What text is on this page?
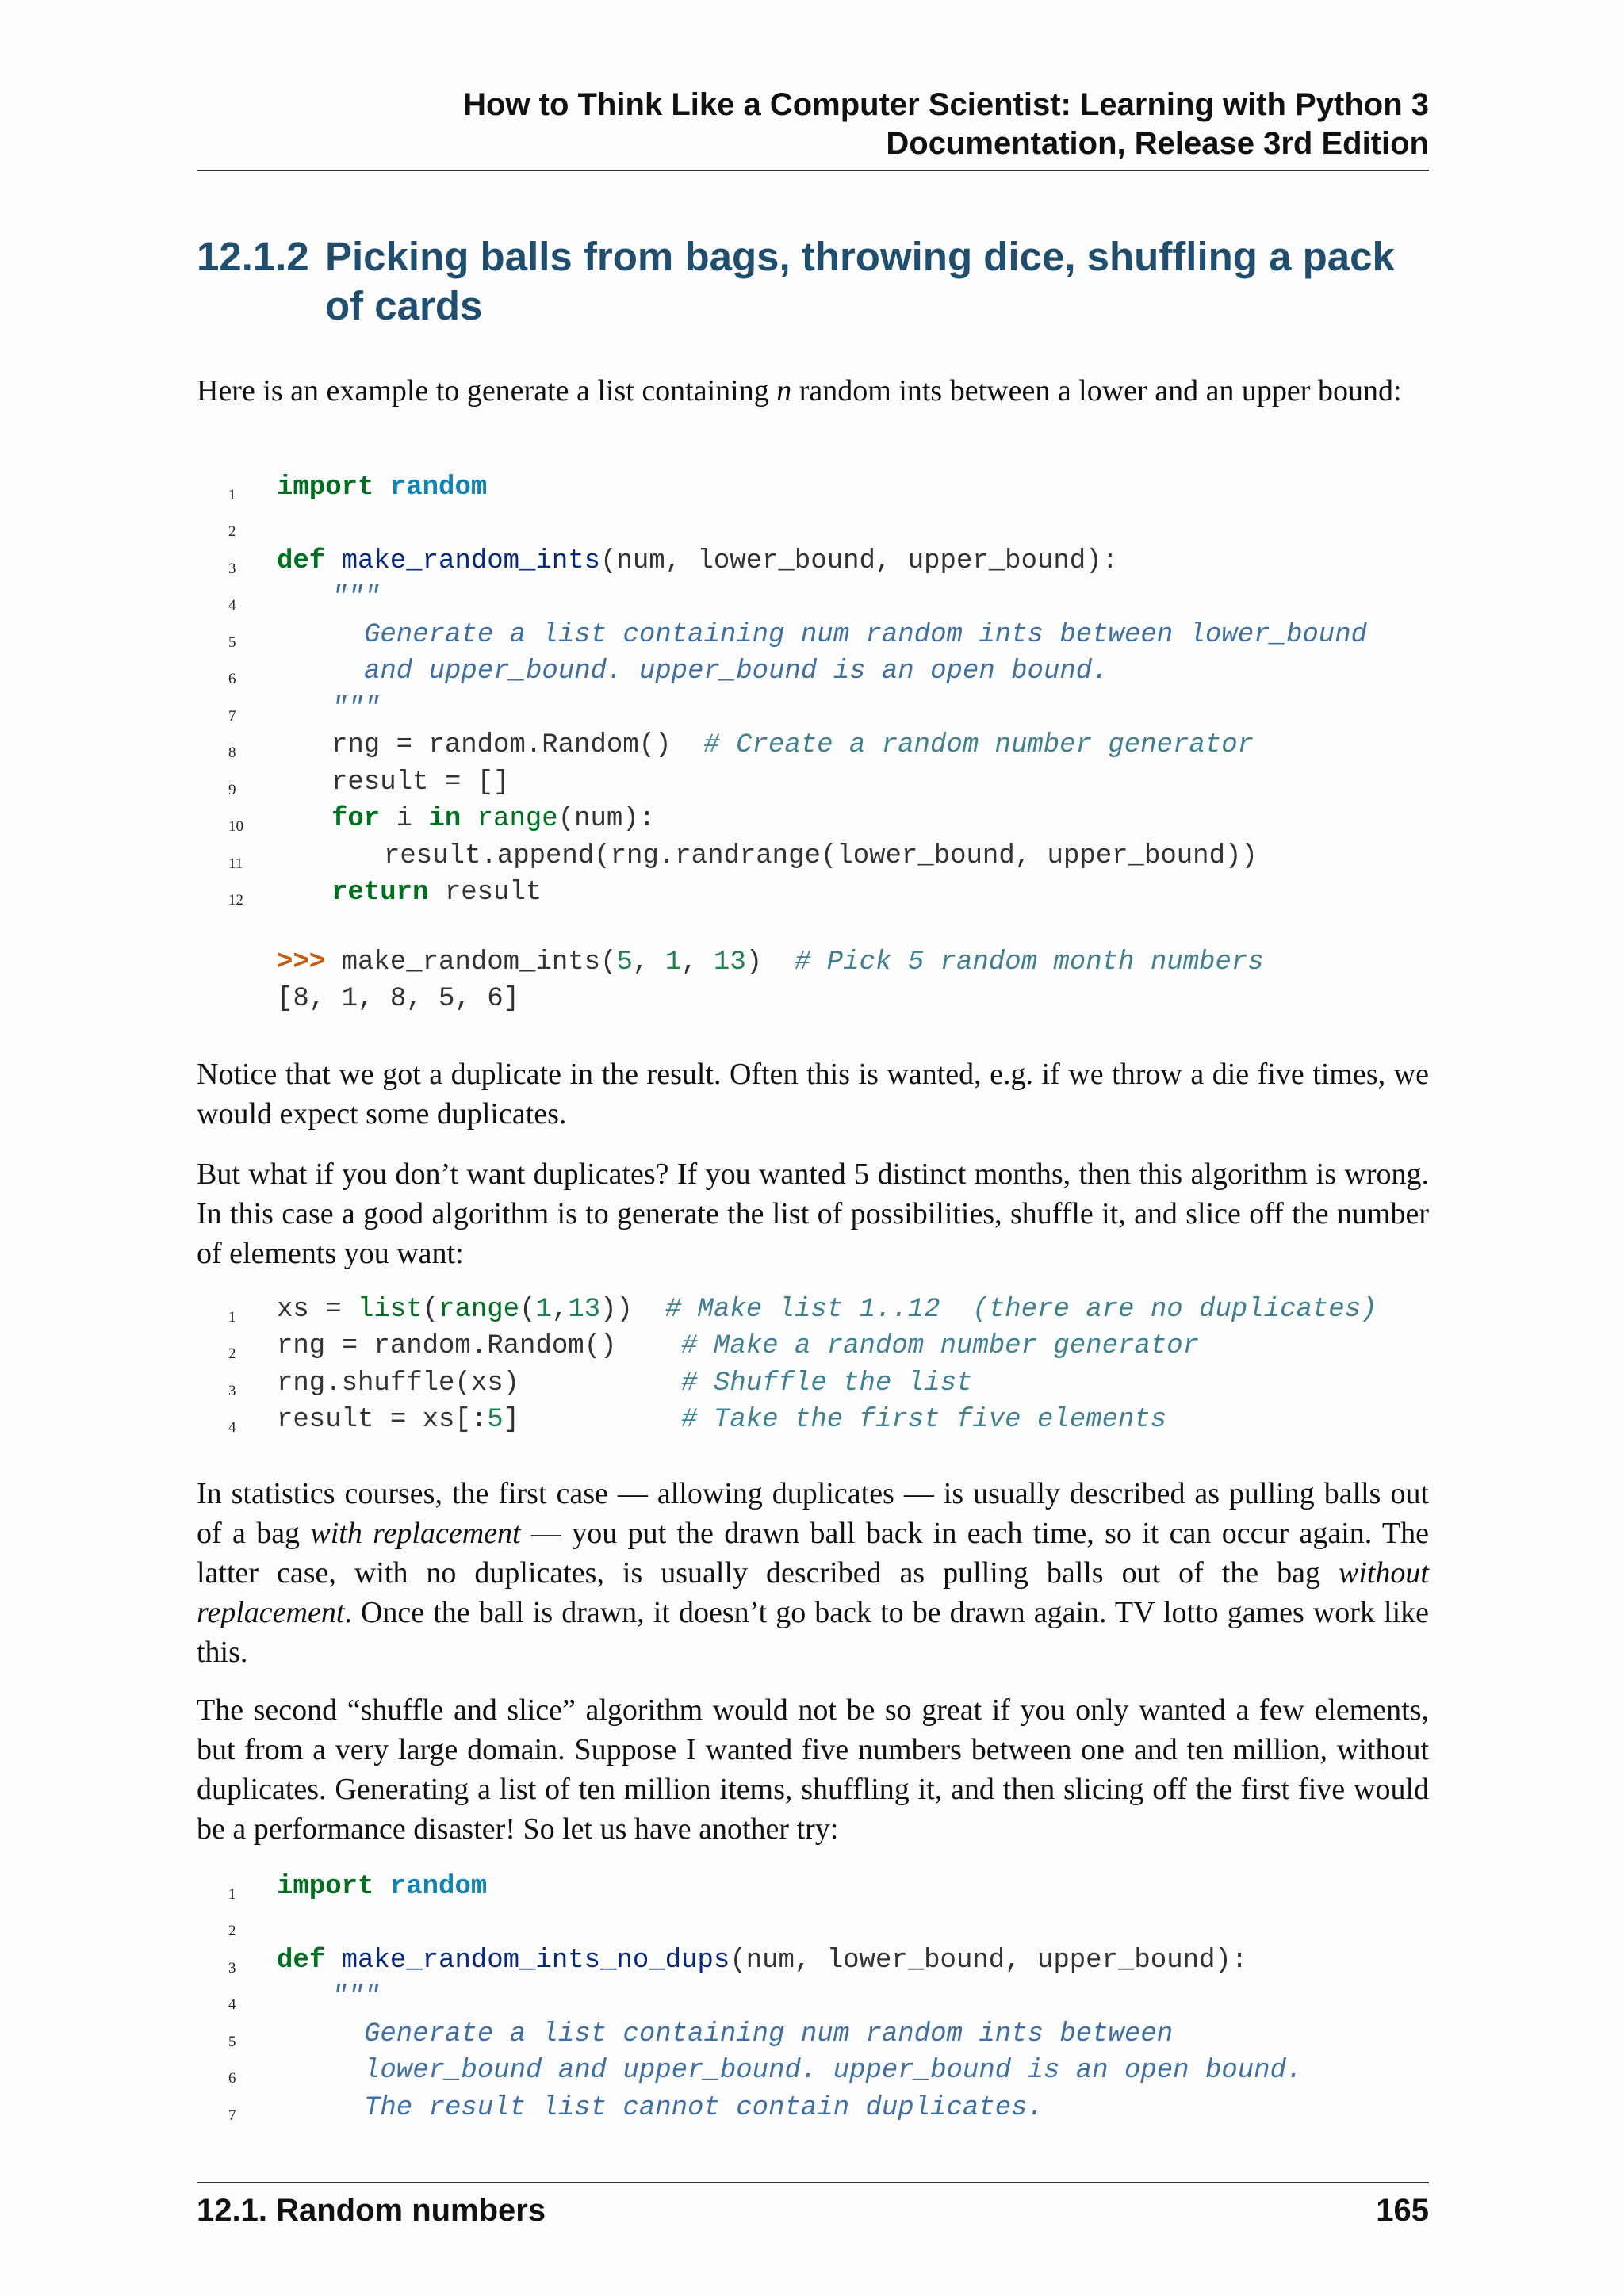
How to Think Like a Computer Scientist: Learning with Python 3
Documentation, Release 3rd Edition
12.1.2 Picking balls from bags, throwing dice, shuffling a pack of cards

Here is an example to generate a list containing n random ints between a lower and an upper bound:

1	import random
2
3	def make_random_ints(num, lower_bound, upper_bound):
4	"""
5	Generate a list containing num random ints between lower_bound
6	and upper_bound. upper_bound is an open bound.
7	"""
8	rng = random.Random() # Create a random number generator
9	result = []
10	for i in range(num):
11	result.append(rng.randrange(lower_bound, upper_bound))
12	return result
>>> make_random_ints(5, 1, 13) # Pick 5 random month numbers
[8, 1, 8, 5, 6]

Notice that we got a duplicate in the result. Often this is wanted, e.g. if we throw a die five times, we would expect some duplicates.

But what if you don’t want duplicates? If you wanted 5 distinct months, then this algorithm is wrong. In this case a good algorithm is to generate the list of possibilities, shuffle it, and slice off the number of elements you want:

1	xs = list(range(1,13)) # Make list 1..12  (there are no duplicates)
2	rng = random.Random() # Make a random number generator
3	rng.shuffle(xs)	# Shuffle the list
4	result = xs[:5]	# Take the first five elements

In statistics courses, the first case — allowing duplicates — is usually described as pulling balls out of a bag with replacement — you put the drawn ball back in each time, so it can occur again. The latter case, with no duplicates, is usually described as pulling balls out of the bag without replacement. Once the ball is drawn, it doesn’t go back to be drawn again. TV lotto games work like this.

The second “shuffle and slice” algorithm would not be so great if you only wanted a few elements, but from a very large domain. Suppose I wanted five numbers between one and ten million, without duplicates. Generating a list of ten million items, shuffling it, and then slicing off the first five would be a performance disaster! So let us have another try:

1	import random
2
3	def make_random_ints_no_dups(num, lower_bound, upper_bound):
4	"""
5	Generate a list containing num random ints between
6	lower_bound and upper_bound. upper_bound is an open bound.
7	The result list cannot contain duplicates.
12.1. Random numbers	165
